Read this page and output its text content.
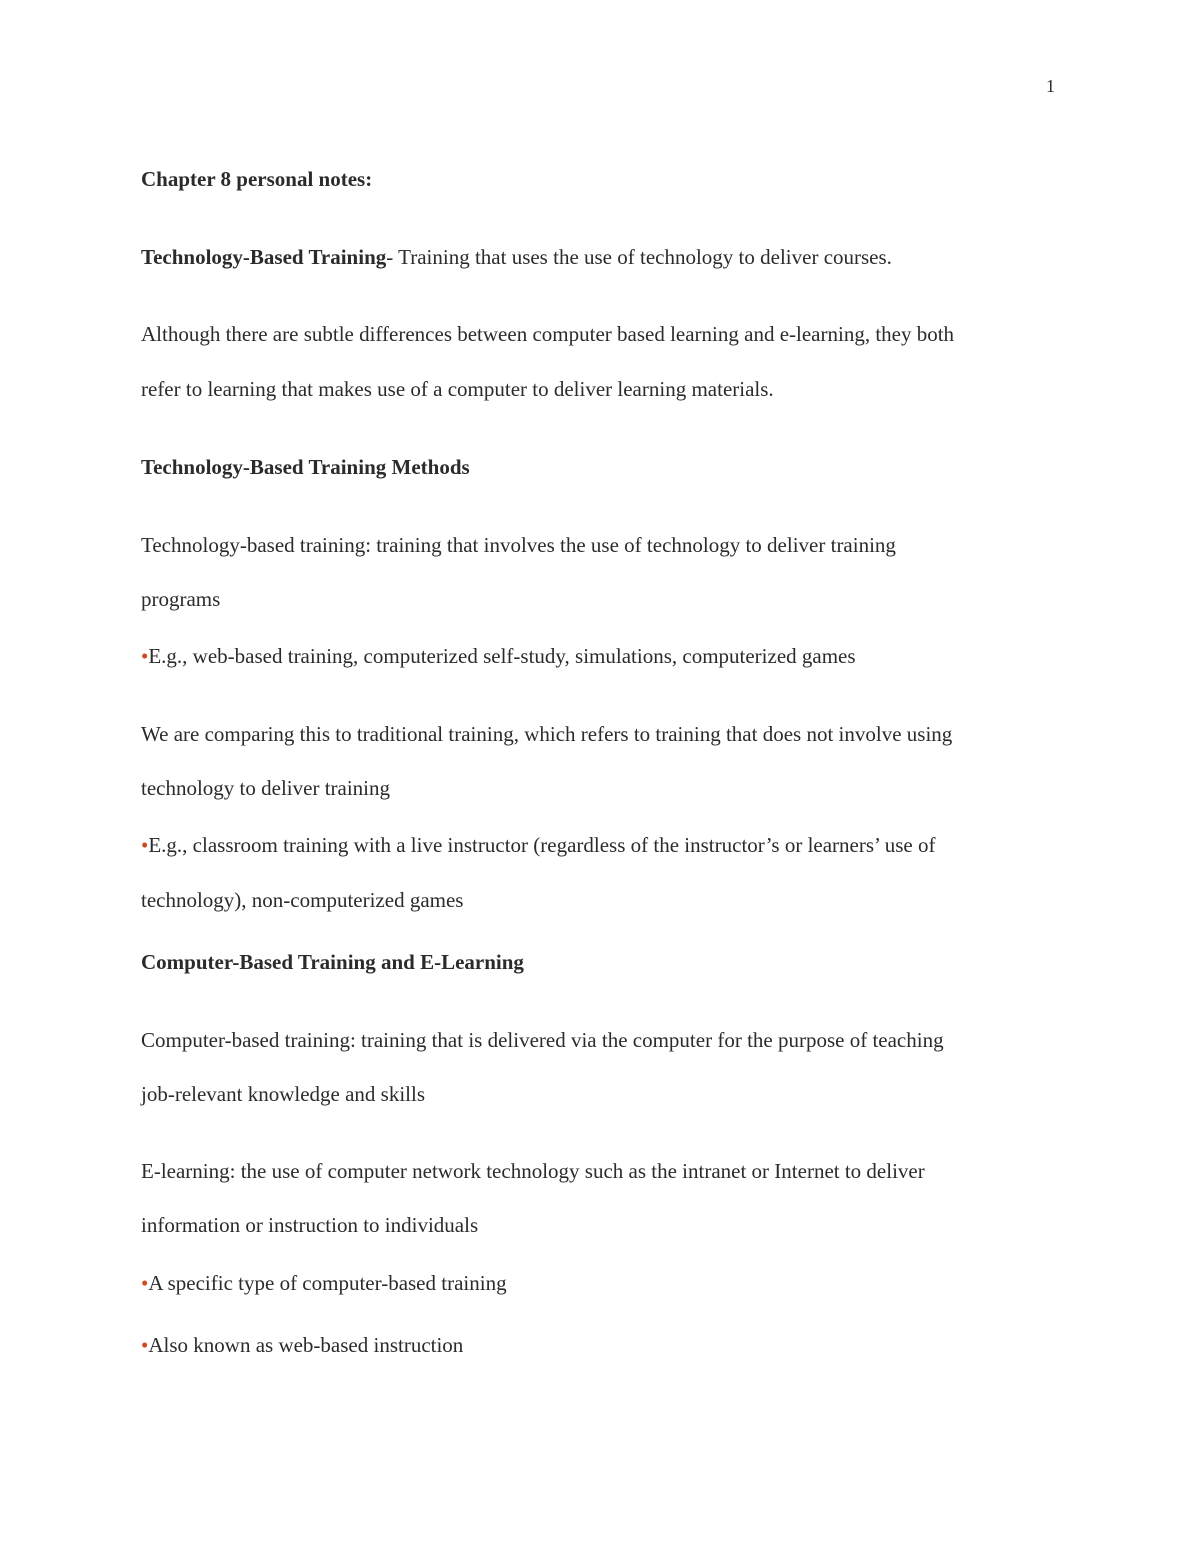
1
Chapter 8 personal notes:
Technology-Based Training- Training that uses the use of technology to deliver courses.
Although there are subtle differences between computer based learning and e-learning, they both
refer to learning that makes use of a computer to deliver learning materials.
Technology-Based Training Methods
Technology-based training: training that involves the use of technology to deliver training
programs
•E.g., web-based training, computerized self-study, simulations, computerized games
We are comparing this to traditional training, which refers to training that does not involve using
technology to deliver training
•E.g., classroom training with a live instructor (regardless of the instructor’s or learners’ use of
technology), non-computerized games
Computer-Based Training and E-Learning
Computer-based training: training that is delivered via the computer for the purpose of teaching
job-relevant knowledge and skills
E-learning: the use of computer network technology such as the intranet or Internet to deliver
information or instruction to individuals
•A specific type of computer-based training
•Also known as web-based instruction
